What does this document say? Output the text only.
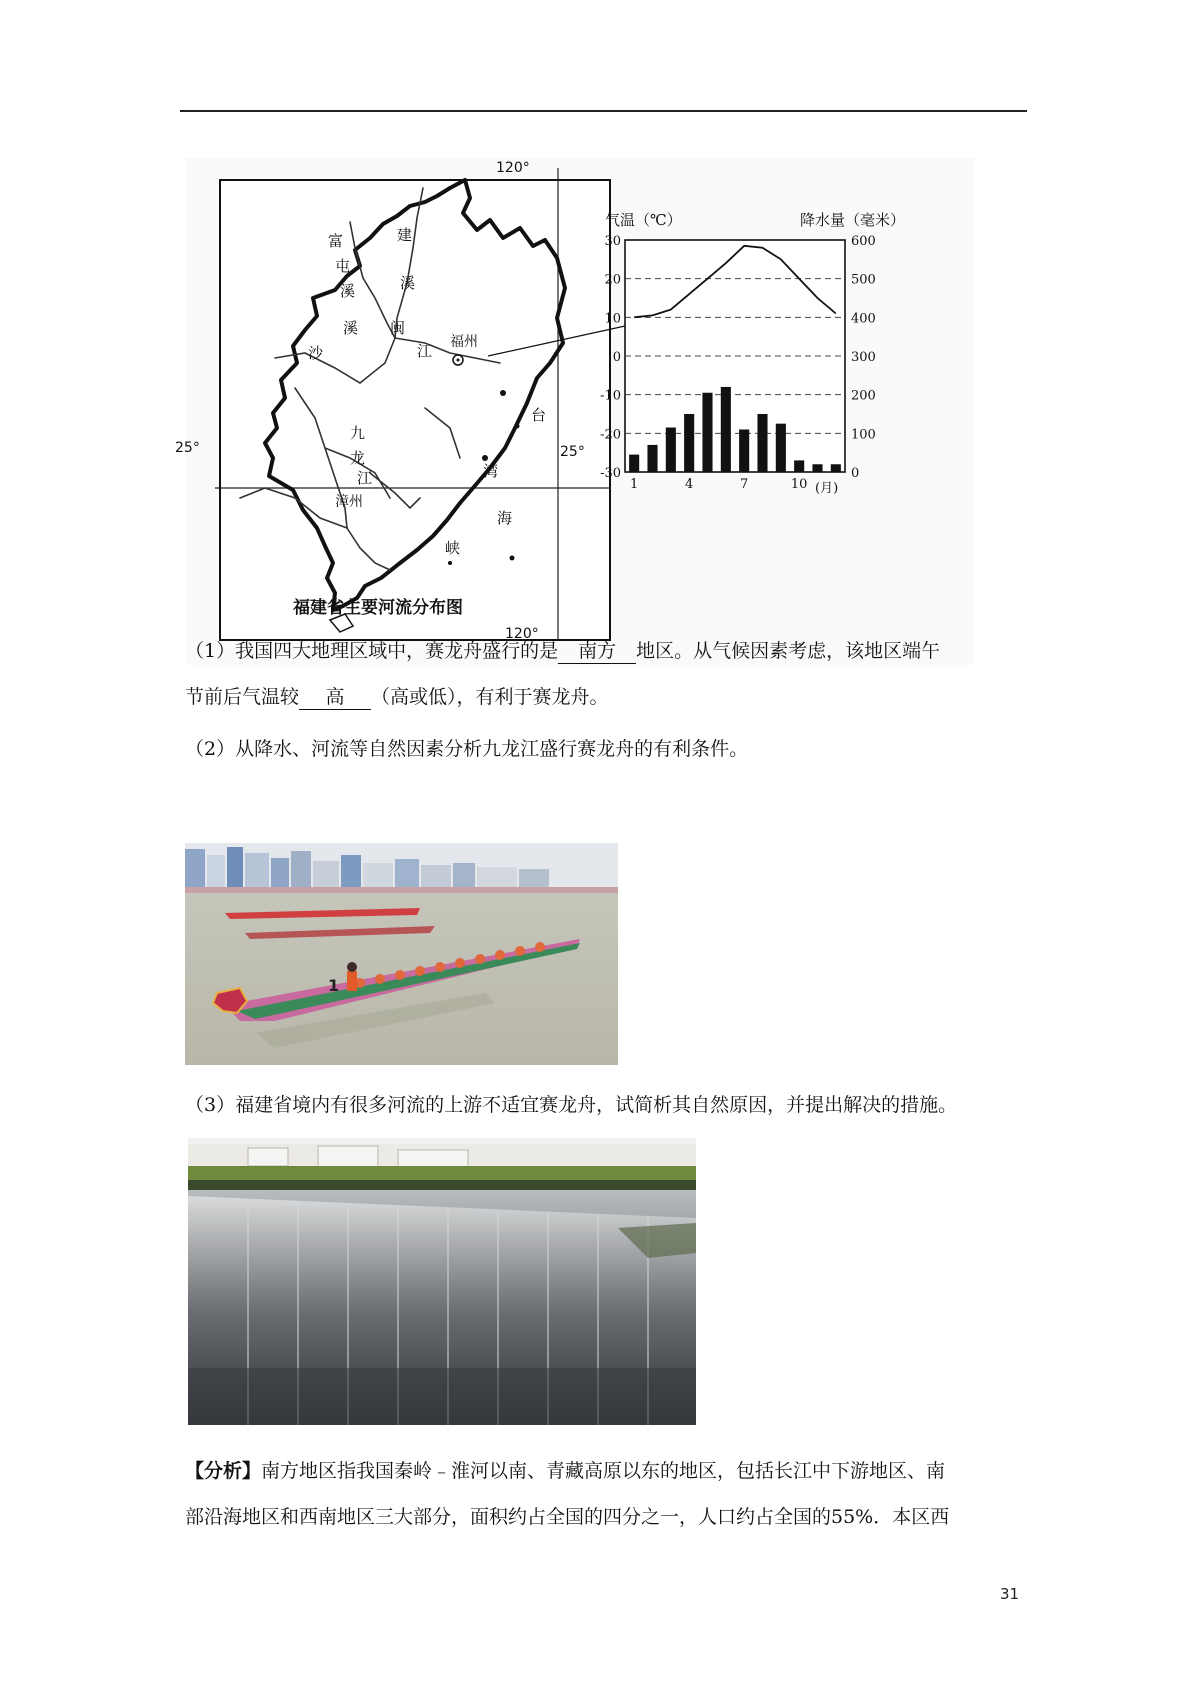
120°
25°	25°
120°
福建省主要河流分布图
富
屯
溪
建
溪
溪
沙
闽
江 福州
九
龙
江
漳州
台
湾
海
峡
30
20
10
0
-10
-20
-30
600
500
400
300
200
100
0
1	4	7	10
气温（℃）	降水量（毫米）
(月)
（1）我国四大地理区域中，赛龙舟盛行的是 南方 地区。从气候因素考虑，该地区端午
节前后气温较 高 （高或低），有利于赛龙舟。
（2）从降水、河流等自然因素分析九龙江盛行赛龙舟的有利条件。
1
（3）福建省境内有很多河流的上游不适宜赛龙舟，试简析其自然原因，并提出解决的措施。
【分析】南方地区指我国秦岭﹣淮河以南、青藏高原以东的地区，包括长江中下游地区、南
部沿海地区和西南地区三大部分，面积约占全国的四分之一，人口约占全国的55%．本区西
31
